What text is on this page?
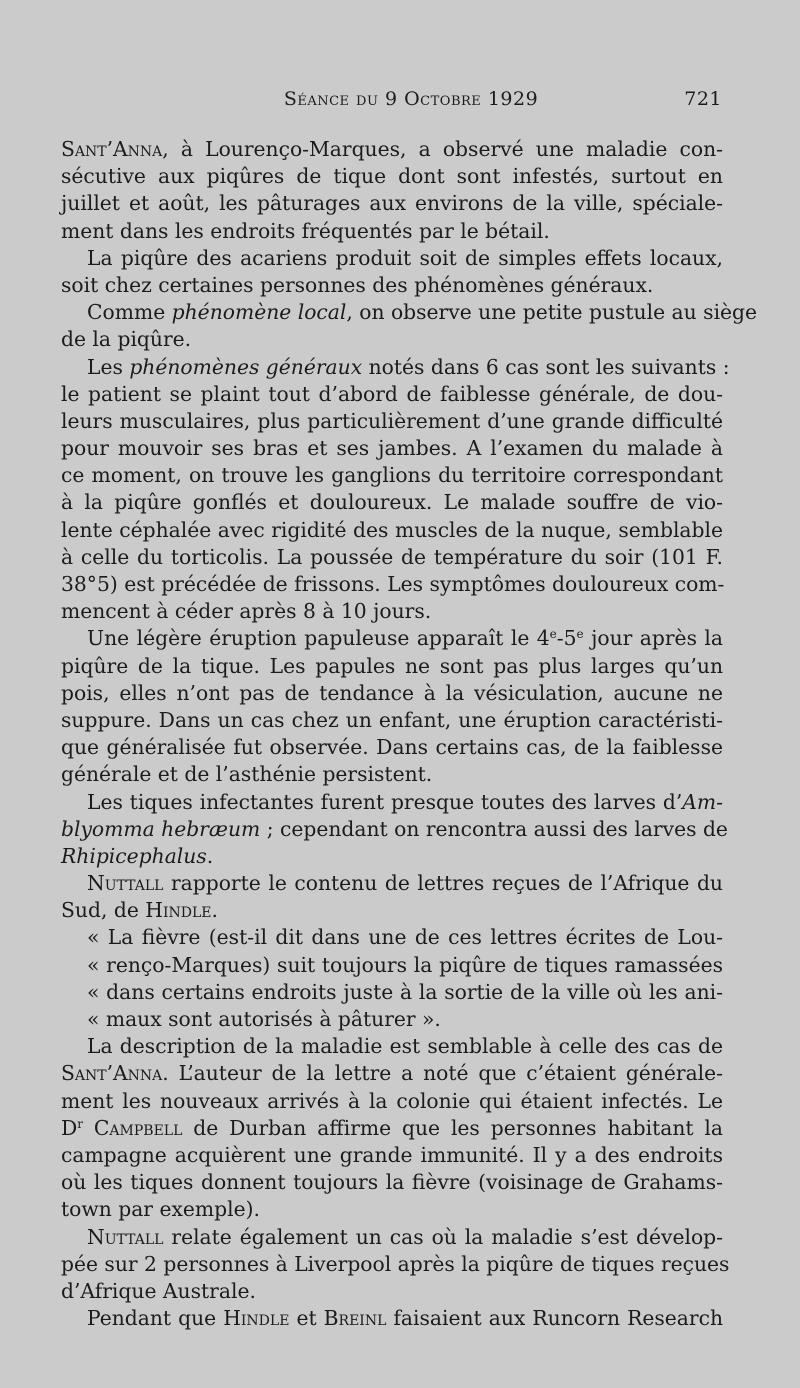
Séance du 9 Octobre 1929	721
Sant’Anna, à Lourenço-Marques, a observé une maladie con-
sécutive aux piqûres de tique dont sont infestés, surtout en
juillet et août, les pâturages aux environs de la ville, spéciale-
ment dans les endroits fréquentés par le bétail.
La piqûre des acariens produit soit de simples effets locaux,
soit chez certaines personnes des phénomènes généraux.
Comme phénomène local, on observe une petite pustule au siège
de la piqûre.
Les phénomènes généraux notés dans 6 cas sont les suivants :
le patient se plaint tout d’abord de faiblesse générale, de dou-
leurs musculaires, plus particulièrement d’une grande difficulté
pour mouvoir ses bras et ses jambes. A l’examen du malade à
ce moment, on trouve les ganglions du territoire correspondant
à la piqûre gonflés et douloureux. Le malade souffre de vio-
lente céphalée avec rigidité des muscles de la nuque, semblable
à celle du torticolis. La poussée de température du soir (101 F.
38°5) est précédée de frissons. Les symptômes douloureux com-
mencent à céder après 8 à 10 jours.
Une légère éruption papuleuse apparaît le 4e-5e jour après la
piqûre de la tique. Les papules ne sont pas plus larges qu’un
pois, elles n’ont pas de tendance à la vésiculation, aucune ne
suppure. Dans un cas chez un enfant, une éruption caractéristi-
que généralisée fut observée. Dans certains cas, de la faiblesse
générale et de l’asthénie persistent.
Les tiques infectantes furent presque toutes des larves d’Am-
blyomma hebræum ; cependant on rencontra aussi des larves de
Rhipicephalus.
Nuttall rapporte le contenu de lettres reçues de l’Afrique du
Sud, de Hindle.
« La fièvre (est-il dit dans une de ces lettres écrites de Lou-
« renço-Marques) suit toujours la piqûre de tiques ramassées
« dans certains endroits juste à la sortie de la ville où les ani-
« maux sont autorisés à pâturer ».
La description de la maladie est semblable à celle des cas de
Sant’Anna. L’auteur de la lettre a noté que c’étaient générale-
ment les nouveaux arrivés à la colonie qui étaient infectés. Le
$D^r$ Campbell de Durban affirme que les personnes habitant la
campagne acquièrent une grande immunité. Il y a des endroits
où les tiques donnent toujours la fièvre (voisinage de Grahams-
town par exemple).
Nuttall relate également un cas où la maladie s’est dévelop-
pée sur 2 personnes à Liverpool après la piqûre de tiques reçues
d’Afrique Australe.
Pendant que Hindle et Breinl faisaient aux Runcorn Research
